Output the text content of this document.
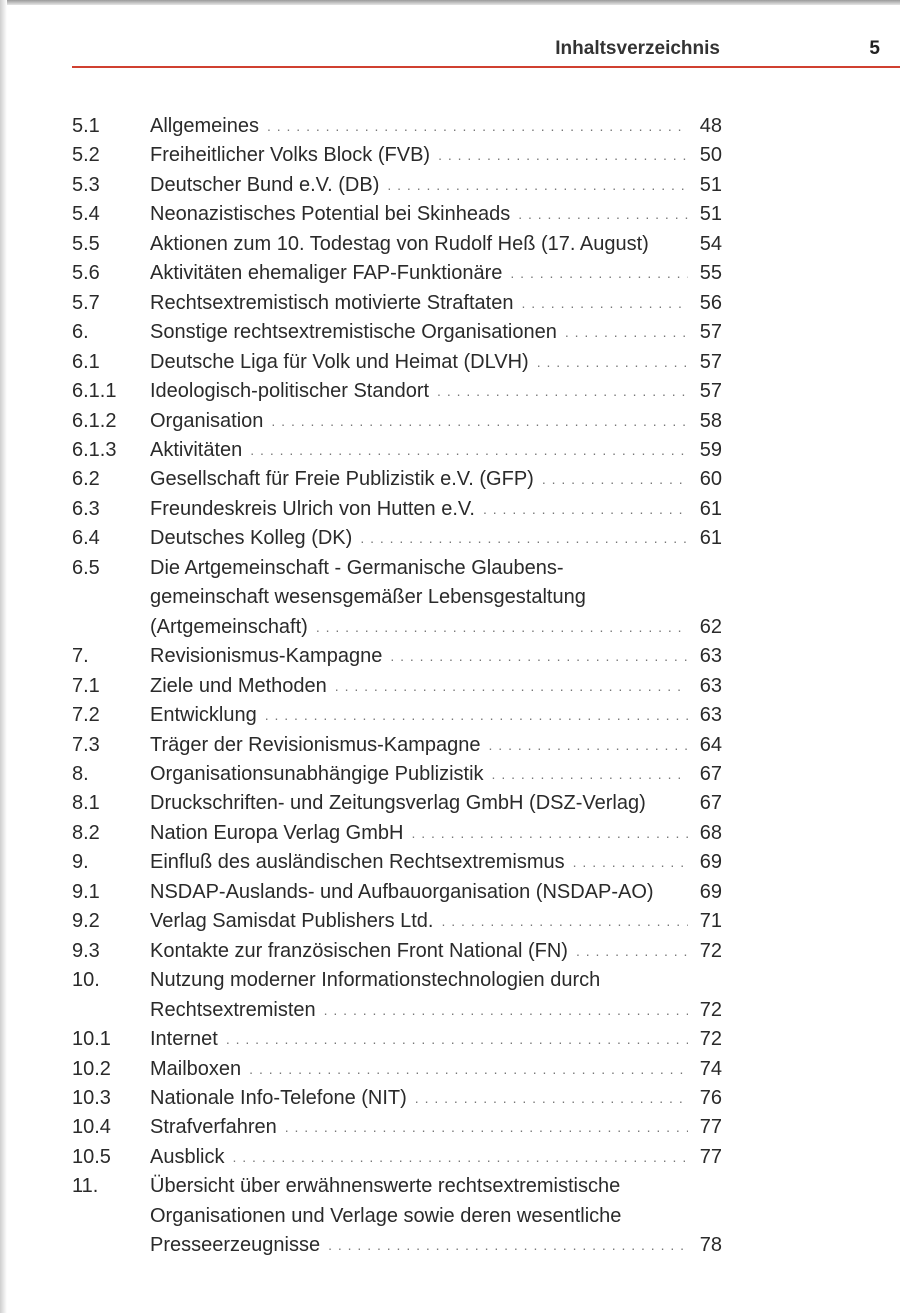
Inhaltsverzeichnis	5
5.1	Allgemeines . . .	48
5.2	Freiheitlicher Volks Block (FVB) . . .	50
5.3	Deutscher Bund e.V. (DB) . . .	51
5.4	Neonazistisches Potential bei Skinheads . . .	51
5.5	Aktionen zum 10. Todestag von Rudolf Heß (17. August)	54
5.6	Aktivitäten ehemaliger FAP-Funktionäre . . .	55
5.7	Rechtsextremistisch motivierte Straftaten . . .	56
6.	Sonstige rechtsextremistische Organisationen . . .	57
6.1	Deutsche Liga für Volk und Heimat (DLVH) . . .	57
6.1.1	Ideologisch-politischer Standort . . .	57
6.1.2	Organisation . . .	58
6.1.3	Aktivitäten . . .	59
6.2	Gesellschaft für Freie Publizistik e.V. (GFP) . . .	60
6.3	Freundeskreis Ulrich von Hutten e.V. . . .	61
6.4	Deutsches Kolleg (DK) . . .	61
6.5	Die Artgemeinschaft - Germanische Glaubens-
gemeinschaft wesensgemäßer Lebensgestaltung
(Artgemeinschaft) . . .	62
7.	Revisionismus-Kampagne . . .	63
7.1	Ziele und Methoden . . .	63
7.2	Entwicklung . . .	63
7.3	Träger der Revisionismus-Kampagne . . .	64
8.	Organisationsunabhängige Publizistik . . .	67
8.1	Druckschriften- und Zeitungsverlag GmbH (DSZ-Verlag)	67
8.2	Nation Europa Verlag GmbH . . .	68
9.	Einfluß des ausländischen Rechtsextremismus . . .	69
9.1	NSDAP-Auslands- und Aufbauorganisation (NSDAP-AO)	69
9.2	Verlag Samisdat Publishers Ltd. . . .	71
9.3	Kontakte zur französischen Front National (FN) . . .	72
10.	Nutzung moderner Informationstechnologien durch
Rechtsextremisten . . .	72
10.1	Internet . . .	72
10.2	Mailboxen . . .	74
10.3	Nationale Info-Telefone (NIT) . . .	76
10.4	Strafverfahren . . .	77
10.5	Ausblick . . .	77
11.	Übersicht über erwähnenswerte rechtsextremistische
Organisationen und Verlage sowie deren wesentliche
Presseerzeugnisse . . .	78
